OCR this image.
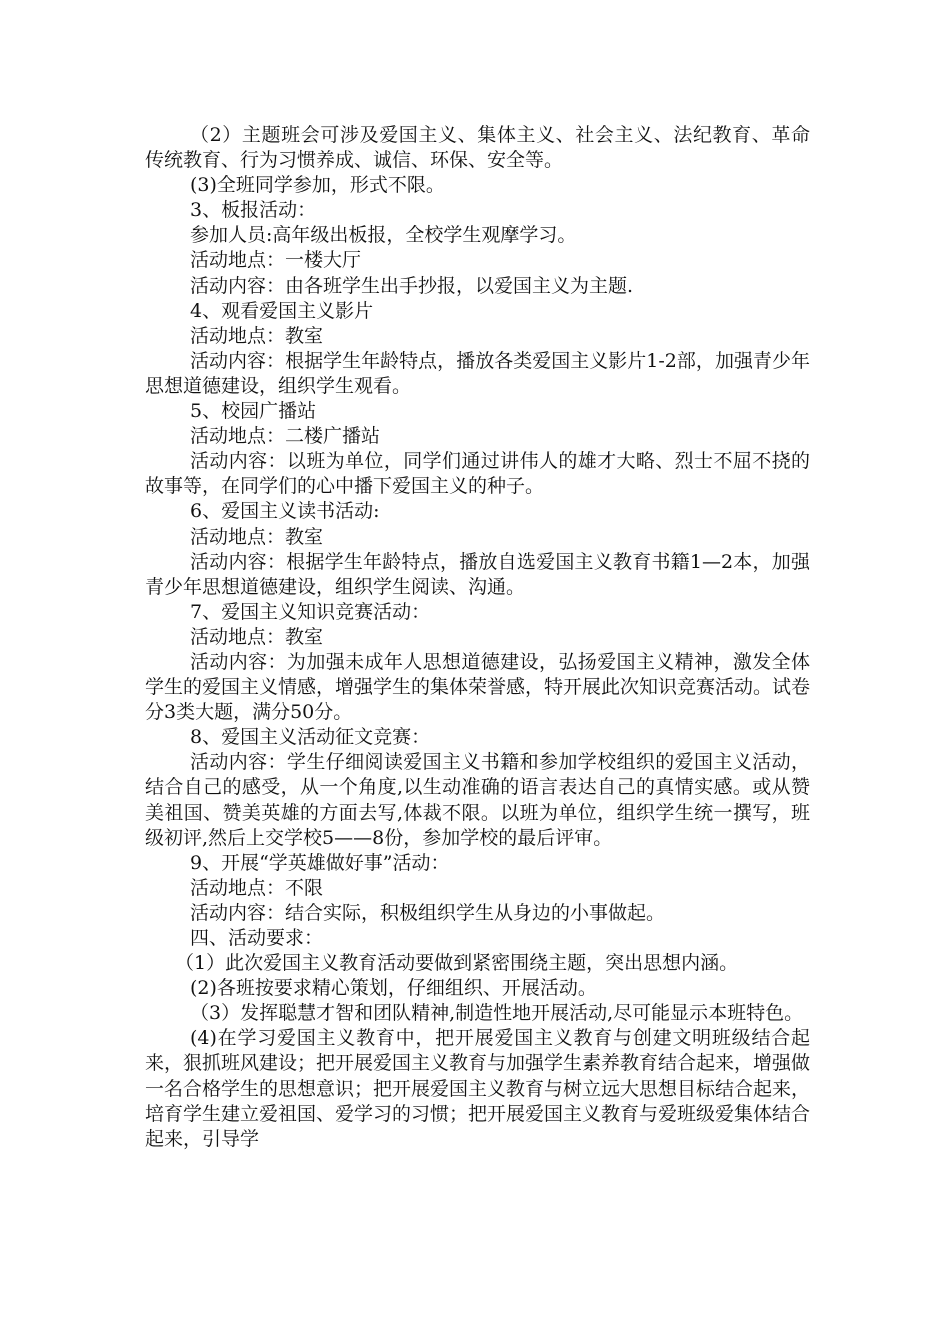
（2）主题班会可涉及爱国主义、集体主义、社会主义、法纪教育、革命传统教育、行为习惯养成、诚信、环保、安全等。

(3)全班同学参加，形式不限。

3、板报活动：

参加人员:高年级出板报，全校学生观摩学习。

活动地点：一楼大厅

活动内容：由各班学生出手抄报，以爱国主义为主题.

4、观看爱国主义影片

活动地点：教室

活动内容：根据学生年龄特点，播放各类爱国主义影片1-2部，加强青少年思想道德建设，组织学生观看。

5、校园广播站

活动地点：二楼广播站

活动内容：以班为单位，同学们通过讲伟人的雄才大略、烈士不屈不挠的故事等，在同学们的心中播下爱国主义的种子。

6、爱国主义读书活动:

活动地点：教室

活动内容：根据学生年龄特点，播放自选爱国主义教育书籍1—2本，加强青少年思想道德建设，组织学生阅读、沟通。

7、爱国主义知识竞赛活动：

活动地点：教室

活动内容：为加强未成年人思想道德建设，弘扬爱国主义精神，激发全体学生的爱国主义情感，增强学生的集体荣誉感，特开展此次知识竞赛活动。试卷分3类大题，满分50分。

8、爱国主义活动征文竞赛：

活动内容：学生仔细阅读爱国主义书籍和参加学校组织的爱国主义活动，结合自己的感受，从一个角度,以生动准确的语言表达自己的真情实感。或从赞美祖国、赞美英雄的方面去写,体裁不限。以班为单位，组织学生统一撰写，班级初评,然后上交学校5——8份，参加学校的最后评审。

9、开展“学英雄做好事”活动：

活动地点：不限

活动内容：结合实际，积极组织学生从身边的小事做起。

四、活动要求：

（1）此次爱国主义教育活动要做到紧密围绕主题，突出思想内涵。

(2)各班按要求精心策划，仔细组织、开展活动。

（3）发挥聪慧才智和团队精神,制造性地开展活动,尽可能显示本班特色。

(4)在学习爱国主义教育中，把开展爱国主义教育与创建文明班级结合起来，狠抓班风建设；把开展爱国主义教育与加强学生素养教育结合起来，增强做一名合格学生的思想意识；把开展爱国主义教育与树立远大思想目标结合起来，培育学生建立爱祖国、爱学习的习惯；把开展爱国主义教育与爱班级爱集体结合起来，引导学
